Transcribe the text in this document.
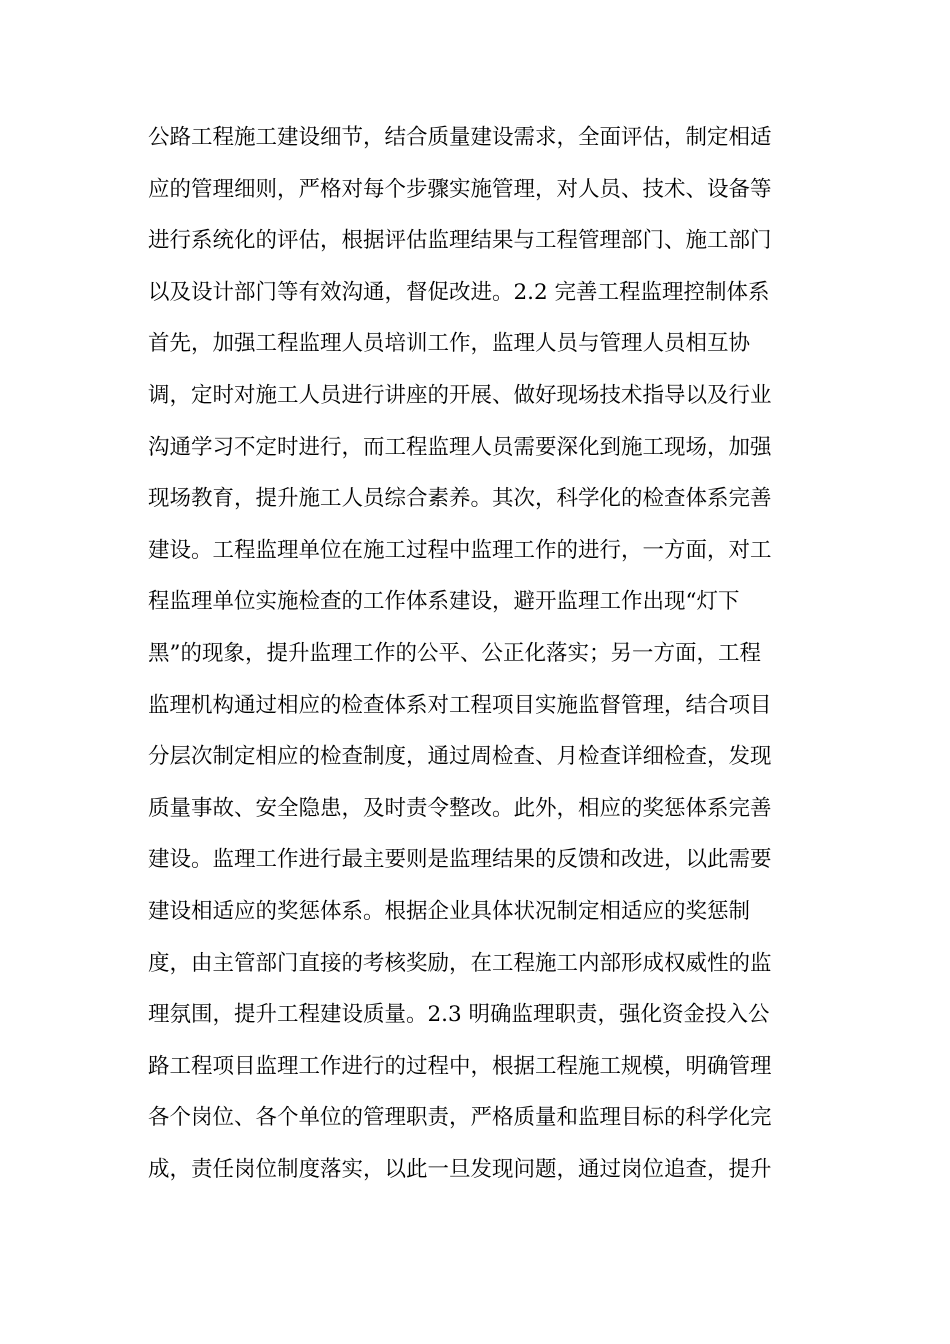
公路工程施工建设细节，结合质量建设需求，全面评估，制定相适
应的管理细则，严格对每个步骤实施管理，对人员、技术、设备等
进行系统化的评估，根据评估监理结果与工程管理部门、施工部门
以及设计部门等有效沟通，督促改进。2.2 完善工程监理控制体系
首先，加强工程监理人员培训工作，监理人员与管理人员相互协
调，定时对施工人员进行讲座的开展、做好现场技术指导以及行业
沟通学习不定时进行，而工程监理人员需要深化到施工现场，加强
现场教育，提升施工人员综合素养。其次，科学化的检查体系完善
建设。工程监理单位在施工过程中监理工作的进行，一方面，对工
程监理单位实施检查的工作体系建设，避开监理工作出现“灯下
黑”的现象，提升监理工作的公平、公正化落实；另一方面，工程
监理机构通过相应的检查体系对工程项目实施监督管理，结合项目
分层次制定相应的检查制度，通过周检查、月检查详细检查，发现
质量事故、安全隐患，及时责令整改。此外，相应的奖惩体系完善
建设。监理工作进行最主要则是监理结果的反馈和改进，以此需要
建设相适应的奖惩体系。根据企业具体状况制定相适应的奖惩制
度，由主管部门直接的考核奖励，在工程施工内部形成权威性的监
理氛围，提升工程建设质量。2.3 明确监理职责，强化资金投入公
路工程项目监理工作进行的过程中，根据工程施工规模，明确管理
各个岗位、各个单位的管理职责，严格质量和监理目标的科学化完
成，责任岗位制度落实，以此一旦发现问题，通过岗位追查，提升
